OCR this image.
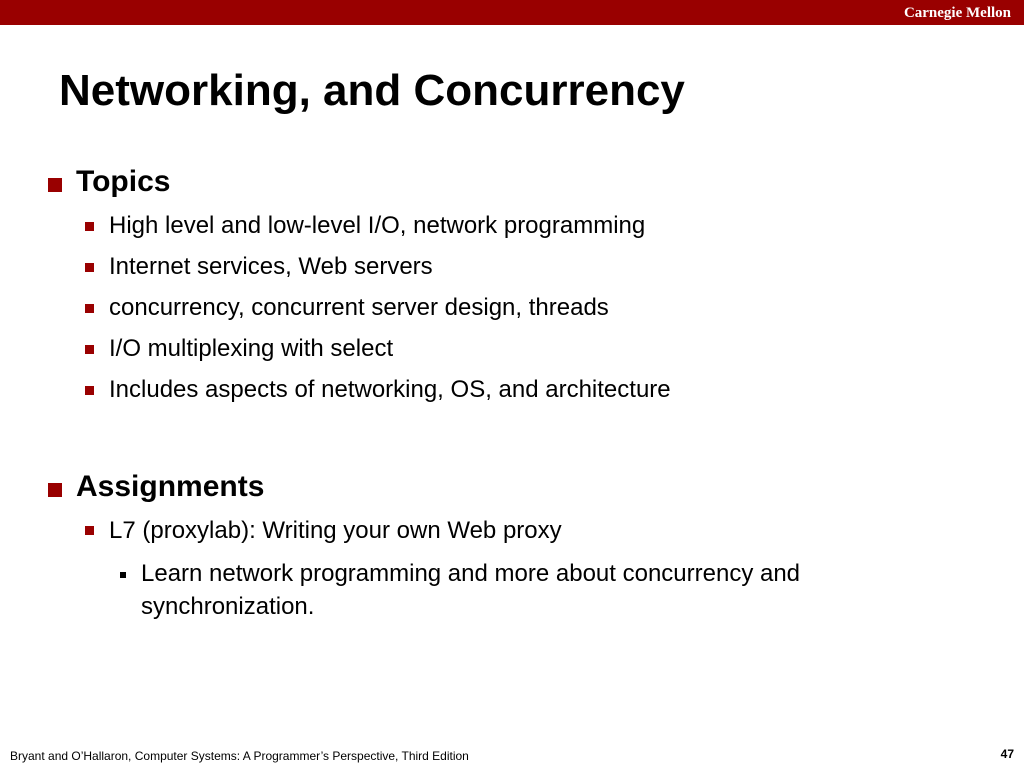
Carnegie Mellon
Networking, and Concurrency
Topics
High level and low-level I/O, network programming
Internet services, Web servers
concurrency, concurrent server design, threads
I/O multiplexing with select
Includes aspects of networking, OS, and architecture
Assignments
L7 (proxylab): Writing your own Web proxy
Learn network programming and more about concurrency and synchronization.
Bryant and O’Hallaron, Computer Systems: A Programmer’s Perspective, Third Edition	47
